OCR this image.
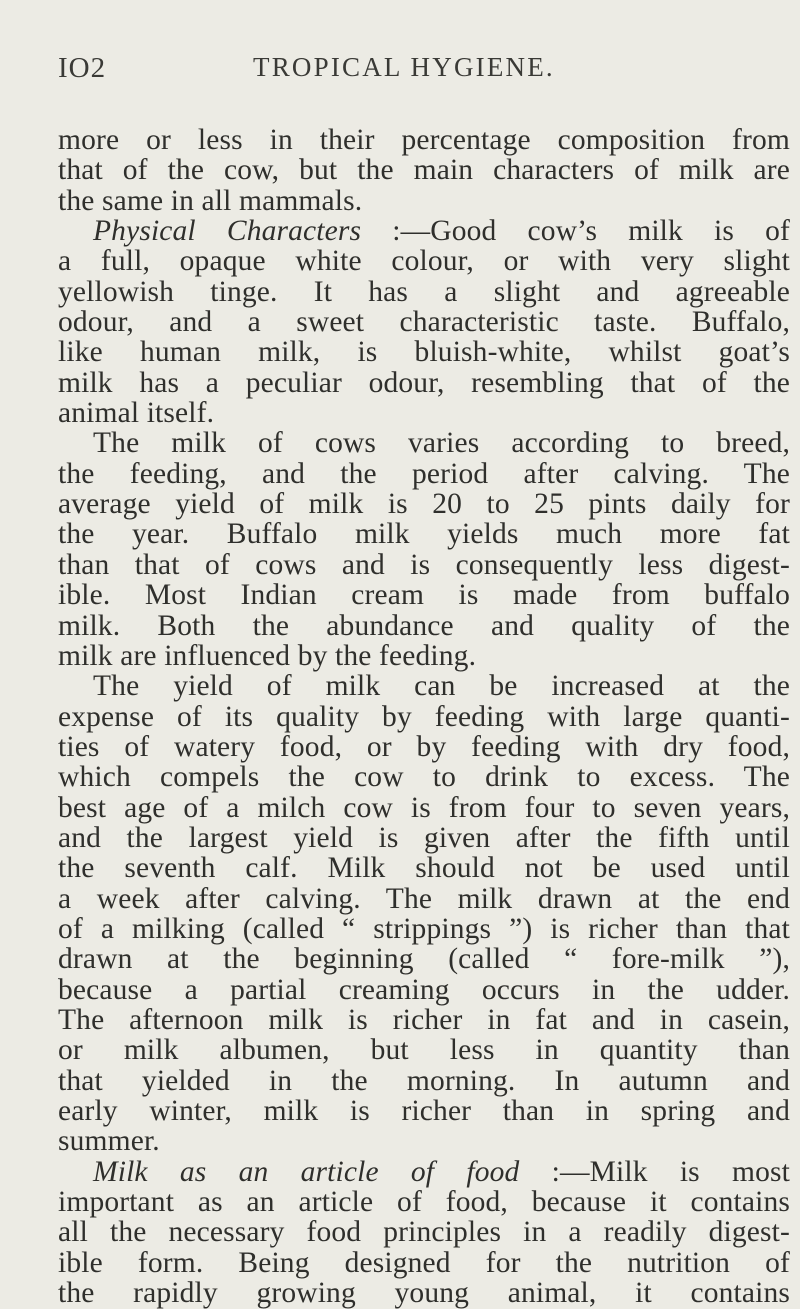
IO2	TROPICAL HYGIENE.
more or less in their percentage composition from
that of the cow, but the main characters of milk are
the same in all mammals.
Physical Characters :—Good cow’s milk is of
a full, opaque white colour, or with very slight
yellowish tinge. It has a slight and agreeable
odour, and a sweet characteristic taste. Buffalo,
like human milk, is bluish-white, whilst goat’s
milk has a peculiar odour, resembling that of the
animal itself.
The milk of cows varies according to breed,
the feeding, and the period after calving. The
average yield of milk is 20 to 25 pints daily for
the year. Buffalo milk yields much more fat
than that of cows and is consequently less digest-
ible. Most Indian cream is made from buffalo
milk. Both the abundance and quality of the
milk are influenced by the feeding.
The yield of milk can be increased at the
expense of its quality by feeding with large quanti-
ties of watery food, or by feeding with dry food,
which compels the cow to drink to excess. The
best age of a milch cow is from four to seven years,
and the largest yield is given after the fifth until
the seventh calf. Milk should not be used until
a week after calving. The milk drawn at the end
of a milking (called “ strippings ”) is richer than that
drawn at the beginning (called “ fore-milk ”),
because a partial creaming occurs in the udder.
The afternoon milk is richer in fat and in casein,
or milk albumen, but less in quantity than
that yielded in the morning. In autumn and
early winter, milk is richer than in spring and
summer.
Milk as an article of food :—Milk is most
important as an article of food, because it contains
all the necessary food principles in a readily digest-
ible form. Being designed for the nutrition of
the rapidly growing young animal, it contains
